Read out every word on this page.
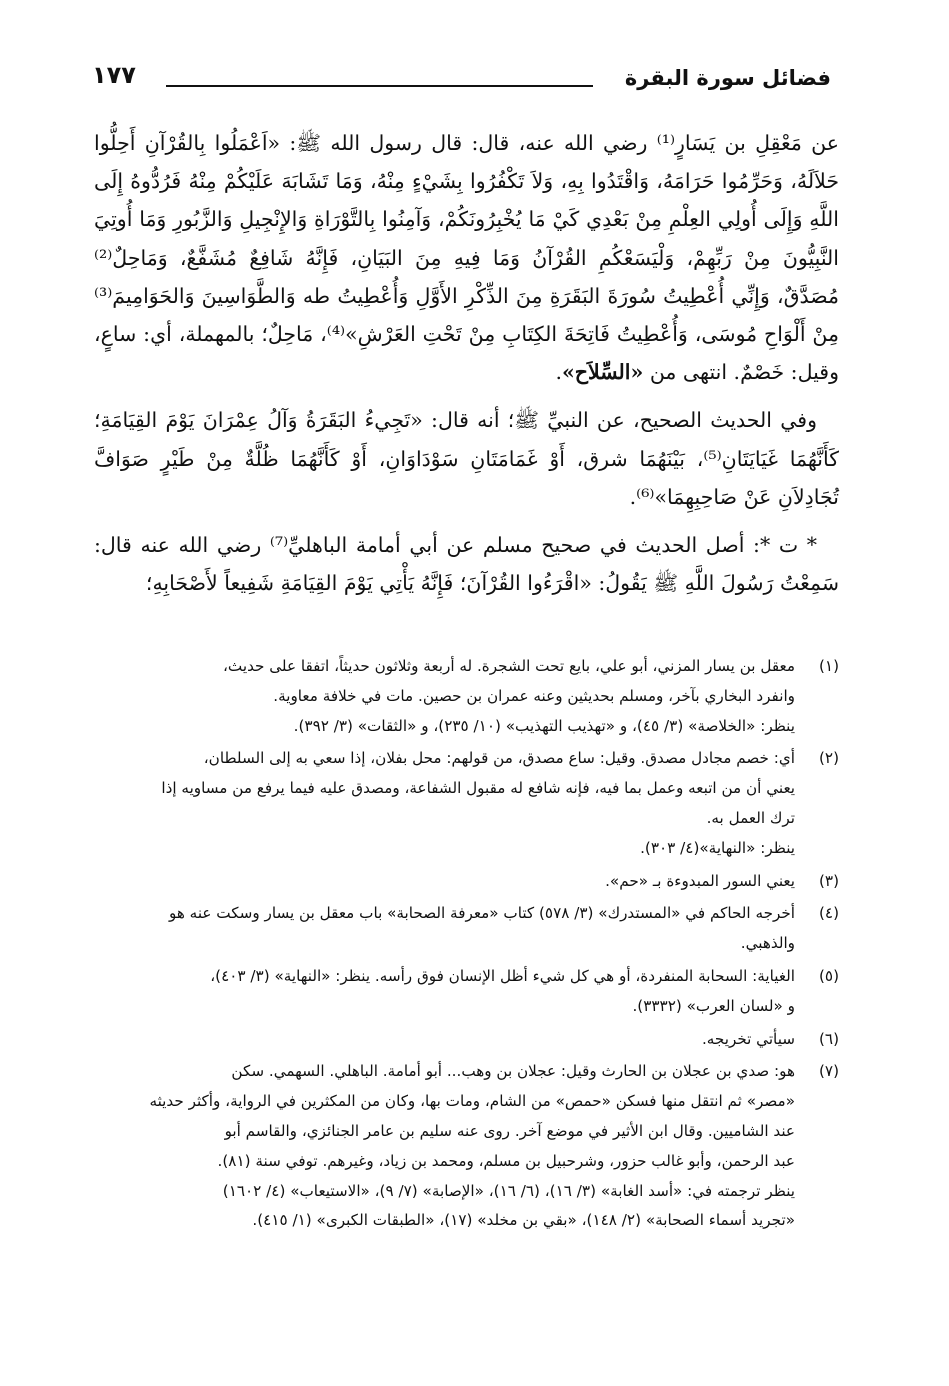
فضائل سورة البقرة
١٧٧

عن مَعْقِلِ بن يَسَارٍ⁽¹⁾ رضي الله عنه، قال: قال رسول الله ﷺ: «اَعْمَلُوا بِالقُرْآنِ أَحِلُّوا حَلاَلَهُ، وَحَرِّمُوا حَرَامَهُ، وَاقْتَدُوا بِهِ، وَلاَ تَكْفُرُوا بِشَيْءٍ مِنْهُ، وَمَا تَشَابَهَ عَلَيْكُمْ مِنْهُ فَرُدُّوهُ إِلَى اللَّهِ وَإِلَى أُولِي العِلْمِ مِنْ بَعْدِي كَيْ مَا يُخْبِرُونَكُمْ، وَآمِنُوا بِالتَّوْرَاةِ وَالإِنْجِيلِ وَالزَّبُورِ وَمَا أُوتِيَ النَّبِيُّونَ مِنْ رَبِّهِمْ، وَلْيَسَعْكُمِ القُرْآنُ وَمَا فِيهِ مِنَ البَيَانِ، فَإِنَّهُ شَافِعٌ مُشَفَّعٌ، وَمَاحِلٌ⁽²⁾ مُصَدَّقٌ، وَإِنِّي أُعْطِيتُ سُورَةَ البَقَرَةِ مِنَ الذِّكْرِ الأَوَّلِ وَأُعْطِيتُ طه وَالطَّوَاسِينَ وَالحَوَامِيمَ⁽³⁾ مِنْ أَلْوَاحِ مُوسَى، وَأُعْطِيتُ فَاتِحَةَ الكِتَابِ مِنْ تَحْتِ العَرْشِ»⁽⁴⁾، مَاحِلٌ؛ بالمهملة، أي: ساعٍ، وقيل: خَصْمٌ. انتهى من «السِّلاَح».

وفي الحديث الصحيح، عن النبيِّ ﷺ؛ أنه قال: «تَجِيءُ البَقَرَةُ وَآلُ عِمْرَانَ يَوْمَ القِيَامَةِ؛ كَأَنَّهُمَا غَيَايَتَانِ⁽⁵⁾، بَيْنَهُمَا شرق، أَوْ غَمَامَتَانِ سَوْدَاوَانِ، أَوْ كَأَنَّهُمَا ظُلَّةٌ مِنْ طَيْرٍ صَوَافَّ تُجَادِلاَنِ عَنْ صَاحِبِهِمَا»⁽⁶⁾.

* ت *: أصل الحديث في صحيح مسلم عن أبي أمامة الباهليِّ⁽⁷⁾ رضي الله عنه قال: سَمِعْتُ رَسُولَ اللَّهِ ﷺ يَقُولُ: «اقْرَءُوا القُرْآنَ؛ فَإِنَّهُ يَأْتِي يَوْمَ القِيَامَةِ شَفِيعاً لأَصْحَابِهِ؛

(١)
معقل بن يسار المزني، أبو علي، بايع تحت الشجرة. له أربعة وثلاثون حديثاً، اتفقا على حديث،
وانفرد البخاري بآخر، ومسلم بحديثين وعنه عمران بن حصين. مات في خلافة معاوية.
ينظر: «الخلاصة» (٣/ ٤٥)، و «تهذيب التهذيب» (١٠/ ٢٣٥)، و «الثقات» (٣/ ٣٩٢).
(٢)
أي: خصم مجادل مصدق. وقيل: ساع مصدق، من قولهم: محل بفلان، إذا سعي به إلى السلطان،
يعني أن من اتبعه وعمل بما فيه، فإنه شافع له مقبول الشفاعة، ومصدق عليه فيما يرفع من مساويه إذا
ترك العمل به.
ينظر: «النهاية»(٤/ ٣٠٣).
(٣)
يعني السور المبدوءة بـ «حم».
(٤)
أخرجه الحاكم في «المستدرك» (٣/ ٥٧٨) كتاب «معرفة الصحابة» باب معقل بن يسار وسكت عنه هو
والذهبي.
(٥)
الغياية: السحابة المنفردة، أو هي كل شيء أظل الإنسان فوق رأسه. ينظر: «النهاية» (٣/ ٤٠٣)،
و «لسان العرب» (٣٣٣٢).
(٦)
سيأتي تخريجه.
(٧)
هو: صدي بن عجلان بن الحارث وقيل: عجلان بن وهب... أبو أمامة. الباهلي. السهمي. سكن
«مصر» ثم انتقل منها فسكن «حمص» من الشام، ومات بها، وكان من المكثرين في الرواية، وأكثر حديثه
عند الشاميين. وقال ابن الأثير في موضع آخر. روى عنه سليم بن عامر الجنائزي، والقاسم أبو
عبد الرحمن، وأبو غالب حزور، وشرحبيل بن مسلم، ومحمد بن زياد، وغيرهم. توفي سنة (٨١).
ينظر ترجمته في: «أسد الغابة» (٣/ ١٦)، (٦/ ١٦)، «الإصابة» (٧/ ٩)، «الاستيعاب» (٤/ ١٦٠٢)
«تجريد أسماء الصحابة» (٢/ ١٤٨)، «بقي بن مخلد» (١٧)، «الطبقات الكبرى» (١/ ٤١٥).
